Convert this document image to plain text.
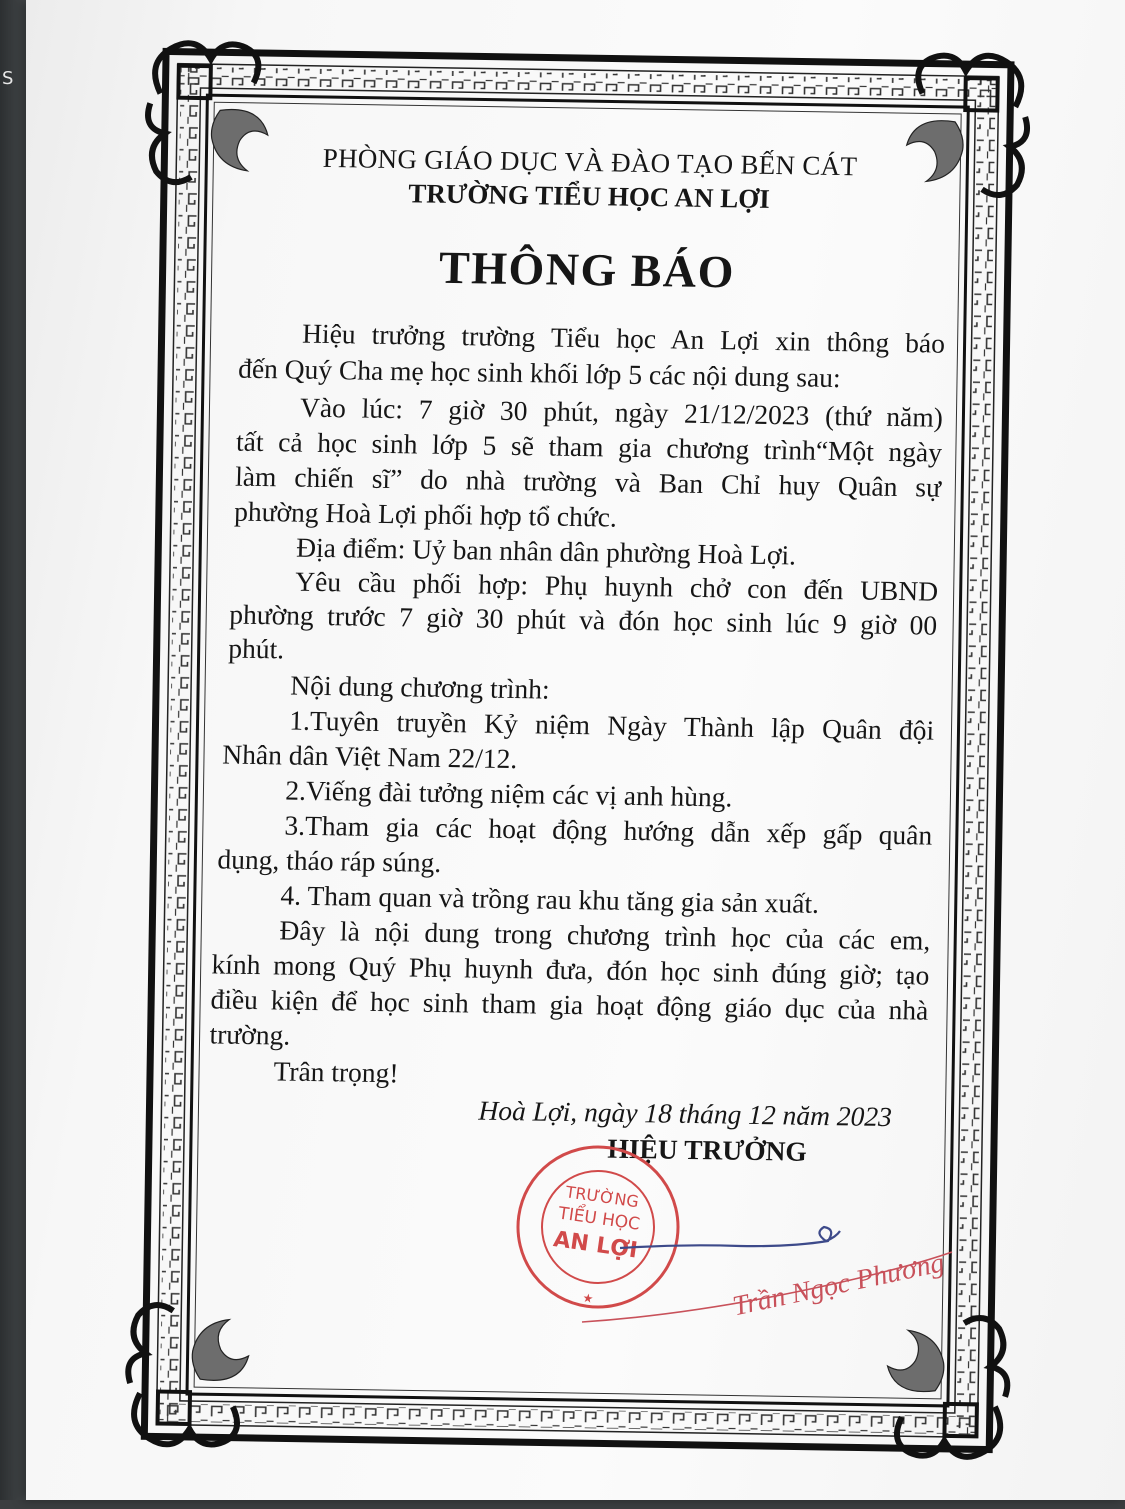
S
PHÒNG GIÁO DỤC VÀ ĐÀO TẠO BẾN CÁT
TRƯỜNG TIỂU HỌC AN LỢI
THÔNG BÁO
Hiệu trưởng trường Tiểu học An Lợi xin thông báo
đến Quý Cha mẹ học sinh khối lớp 5 các nội dung sau:
Vào lúc: 7 giờ 30 phút, ngày 21/12/2023 (thứ năm)
tất cả học sinh lớp 5 sẽ tham gia chương trình“Một ngày
làm chiến sĩ” do nhà trường và Ban Chỉ huy Quân sự
phường Hoà Lợi phối hợp tổ chức.
Địa điểm: Uỷ ban nhân dân phường Hoà Lợi.
Yêu cầu phối hợp: Phụ huynh chở con đến UBND
phường trước 7 giờ 30 phút và đón học sinh lúc 9 giờ 00
phút.
Nội dung chương trình:
1.Tuyên truyền Kỷ niệm Ngày Thành lập Quân đội
Nhân dân Việt Nam 22/12.
2.Viếng đài tưởng niệm các vị anh hùng.
3.Tham gia các hoạt động hướng dẫn xếp gấp quân
dụng, tháo ráp súng.
4. Tham quan và trồng rau khu tăng gia sản xuất.
Đây là nội dung trong chương trình học của các em,
kính mong Quý Phụ huynh đưa, đón học sinh đúng giờ; tạo
điều kiện để học sinh tham gia hoạt động giáo dục của nhà
trường.
Trân trọng!
Hoà Lợi, ngày 18 tháng 12 năm 2023
HIỆU TRƯỞNG
★
TRƯỜNG
TIỂU HỌC
AN LỢI
Trần Ngọc Phương
